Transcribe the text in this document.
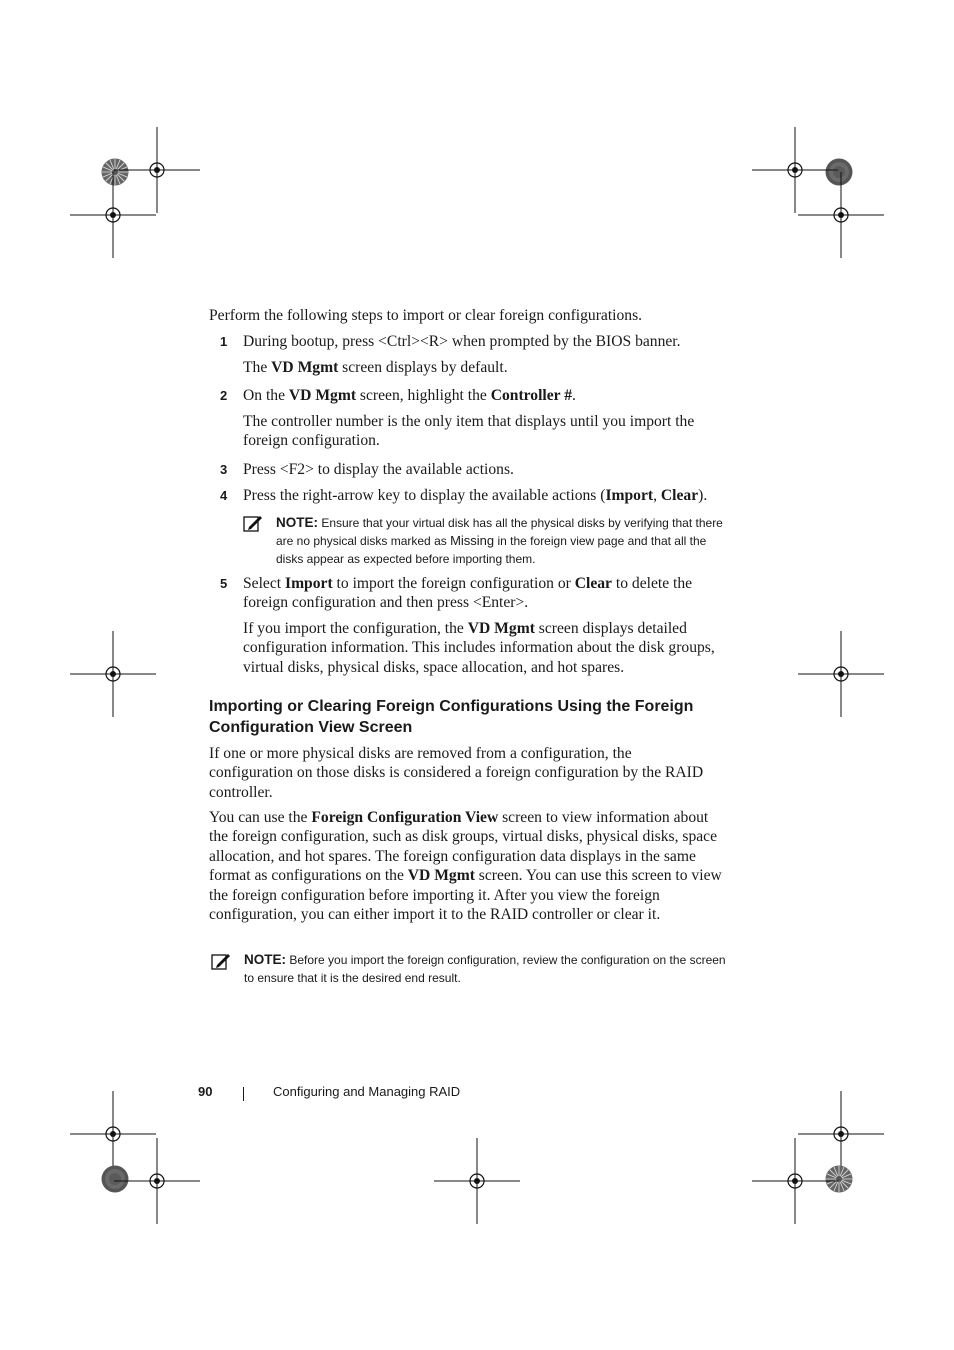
Perform the following steps to import or clear foreign configurations.

1 During bootup, press <Ctrl><R> when prompted by the BIOS banner.

The VD Mgmt screen displays by default.

2 On the VD Mgmt screen, highlight the Controller #.

The controller number is the only item that displays until you import the foreign configuration.

3 Press <F2> to display the available actions.

4 Press the right-arrow key to display the available actions (Import, Clear).

NOTE: Ensure that your virtual disk has all the physical disks by verifying that there are no physical disks marked as Missing in the foreign view page and that all the disks appear as expected before importing them.

5 Select Import to import the foreign configuration or Clear to delete the foreign configuration and then press <Enter>.

If you import the configuration, the VD Mgmt screen displays detailed configuration information. This includes information about the disk groups, virtual disks, physical disks, space allocation, and hot spares.

Importing or Clearing Foreign Configurations Using the Foreign Configuration View Screen

If one or more physical disks are removed from a configuration, the configuration on those disks is considered a foreign configuration by the RAID controller.

You can use the Foreign Configuration View screen to view information about the foreign configuration, such as disk groups, virtual disks, physical disks, space allocation, and hot spares. The foreign configuration data displays in the same format as configurations on the VD Mgmt screen. You can use this screen to view the foreign configuration before importing it. After you view the foreign configuration, you can either import it to the RAID controller or clear it.

NOTE: Before you import the foreign configuration, review the configuration on the screen to ensure that it is the desired end result.

90	Configuring and Managing RAID
